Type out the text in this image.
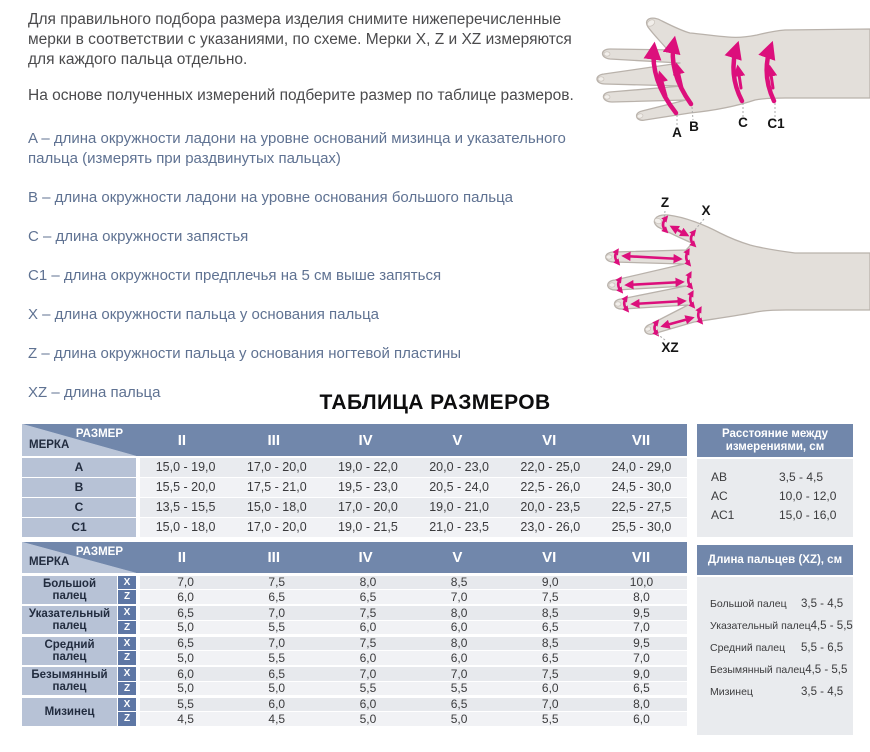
Для правильного подбора размера изделия снимите нижеперечисленные мерки в соответствии с указаниями, по схеме. Мерки X, Z и XZ измеряются для каждого пальца отдельно.
На основе полученных измерений подберите размер по таблице размеров.
A – длина окружности ладони на уровне оснований мизинца и указательного пальца (измерять при раздвинутых пальцах)
B – длина окружности ладони на уровне основания большого пальца
C – длина окружности запястья
C1 – длина окружности предплечья на 5 см выше запяться
X – длина окружности пальца у основания пальца
Z – длина окружности пальца у основания ногтевой пластины
XZ – длина пальца
A B	C C1
Z
X
XZ
ТАБЛИЦА РАЗМЕРОВ
РАЗМЕР
МЕРКА	II	III	IV	V	VI	VII
A	15,0 - 19,0	17,0 - 20,0	19,0 - 22,0	20,0 - 23,0	22,0 - 25,0	24,0 - 29,0
B	15,5 - 20,0	17,5 - 21,0	19,5 - 23,0	20,5 - 24,0	22,5 - 26,0	24,5 - 30,0
C	13,5 - 15,5	15,0 - 18,0	17,0 - 20,0	19,0 - 21,0	20,0 - 23,5	22,5 - 27,5
C1	15,0 - 18,0	17,0 - 20,0	19,0 - 21,5	21,0 - 23,5	23,0 - 26,0	25,5 - 30,0
Расстояние между измерениями, см
AB	3,5 - 4,5
AC	10,0 - 12,0
AC1	15,0 - 16,0
РАЗМЕР
МЕРКА	II	III	IV	V	VI	VII
Большой палец
X	7,0	7,5	8,0	8,5	9,0	10,0
Z	6,0	6,5	6,5	7,0	7,5	8,0
Указательный палец
X	6,5	7,0	7,5	8,0	8,5	9,5
Z	5,0	5,5	6,0	6,0	6,5	7,0
Средний палец
X	6,5	7,0	7,5	8,0	8,5	9,5
Z	5,0	5,5	6,0	6,0	6,5	7,0
Безымянный палец
X	6,0	6,5	7,0	7,0	7,5	9,0
Z	5,0	5,0	5,5	5,5	6,0	6,5
Мизинец
X	5,5	6,0	6,0	6,5	7,0	8,0
Z	4,5	4,5	5,0	5,0	5,5	6,0
Длина пальцев (XZ), см
Большой палец	3,5 - 4,5
Указательный палец 4,5 - 5,5
Средний палец	5,5 - 6,5
Безымянный палец 4,5 - 5,5
Мизинец	3,5 - 4,5
